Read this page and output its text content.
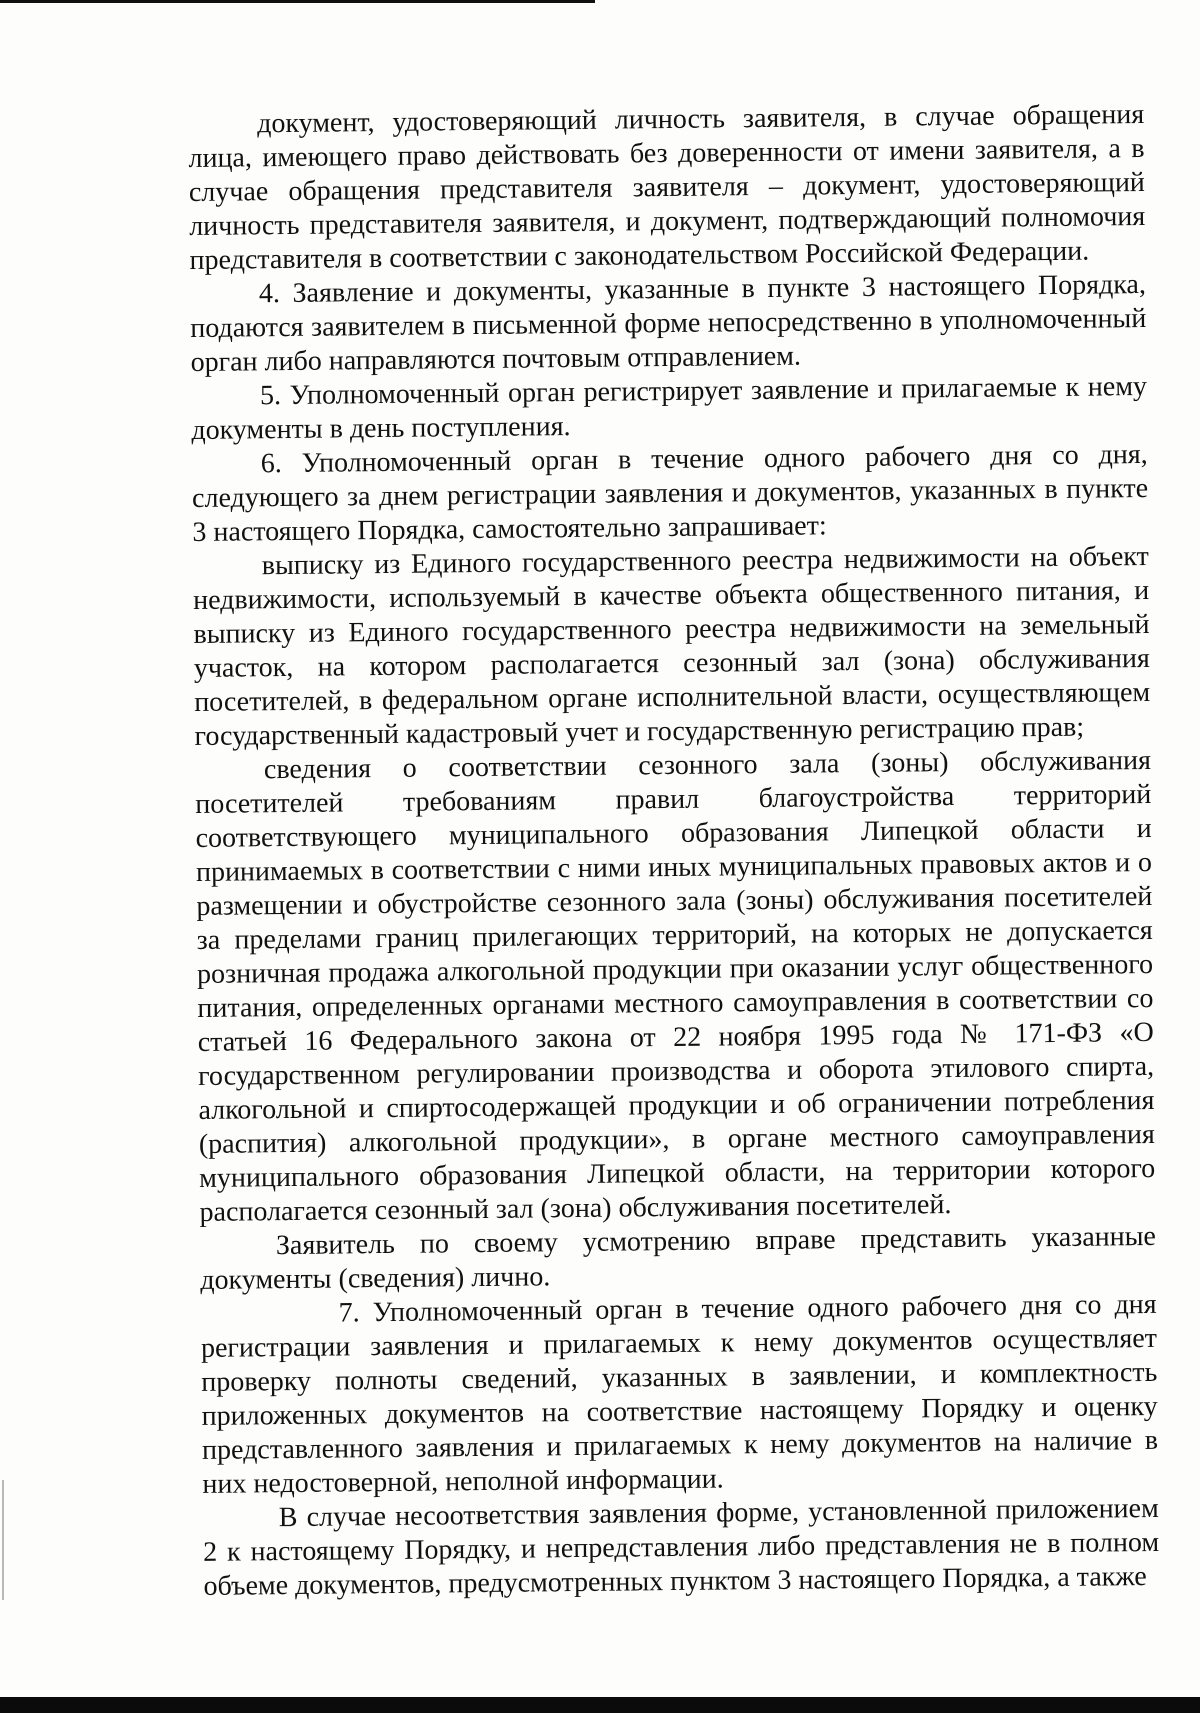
документ, удостоверяющий личность заявителя, в случае обращения лица, имеющего право действовать без доверенности от имени заявителя, а в случае обращения представителя заявителя – документ, удостоверяющий личность представителя заявителя, и документ, подтверждающий полномочия представителя в соответствии с законодательством Российской Федерации.

4. Заявление и документы, указанные в пункте 3 настоящего Порядка, подаются заявителем в письменной форме непосредственно в уполномоченный орган либо направляются почтовым отправлением.

5. Уполномоченный орган регистрирует заявление и прилагаемые к нему документы в день поступления.

6. Уполномоченный орган в течение одного рабочего дня со дня, следующего за днем регистрации заявления и документов, указанных в пункте 3 настоящего Порядка, самостоятельно запрашивает:

выписку из Единого государственного реестра недвижимости на объект недвижимости, используемый в качестве объекта общественного питания, и выписку из Единого государственного реестра недвижимости на земельный участок, на котором располагается сезонный зал (зона) обслуживания посетителей, в федеральном органе исполнительной власти, осуществляющем государственный кадастровый учет и государственную регистрацию прав;

сведения о соответствии сезонного зала (зоны) обслуживания посетителей требованиям правил благоустройства территорий соответствующего муниципального образования Липецкой области и принимаемых в соответствии с ними иных муниципальных правовых актов и о размещении и обустройстве сезонного зала (зоны) обслуживания посетителей за пределами границ прилегающих территорий, на которых не допускается розничная продажа алкогольной продукции при оказании услуг общественного питания, определенных органами местного самоуправления в соответствии со статьей 16 Федерального закона от 22 ноября 1995 года № 171-ФЗ «О государственном регулировании производства и оборота этилового спирта, алкогольной и спиртосодержащей продукции и об ограничении потребления (распития) алкогольной продукции», в органе местного самоуправления муниципального образования Липецкой области, на территории которого располагается сезонный зал (зона) обслуживания посетителей.

Заявитель по своему усмотрению вправе представить указанные документы (сведения) лично.

7. Уполномоченный орган в течение одного рабочего дня со дня регистрации заявления и прилагаемых к нему документов осуществляет проверку полноты сведений, указанных в заявлении, и комплектность приложенных документов на соответствие настоящему Порядку и оценку представленного заявления и прилагаемых к нему документов на наличие в них недостоверной, неполной информации.

В случае несоответствия заявления форме, установленной приложением 2 к настоящему Порядку, и непредставления либо представления не в полном объеме документов, предусмотренных пунктом 3 настоящего Порядка, а также
